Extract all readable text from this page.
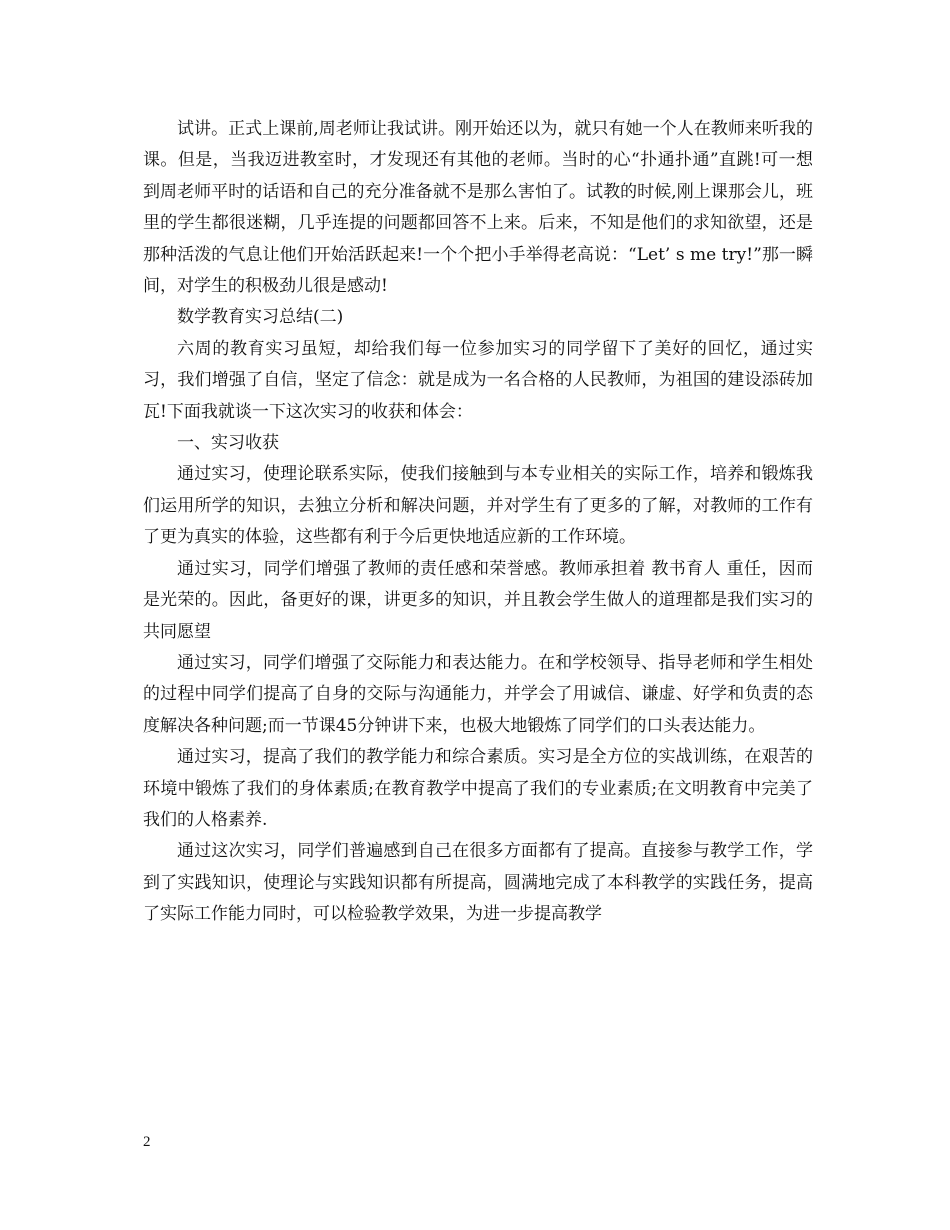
试讲。正式上课前,周老师让我试讲。刚开始还以为，就只有她一个人在教师来听我的课。但是，当我迈进教室时，才发现还有其他的老师。当时的心“扑通扑通”直跳!可一想到周老师平时的话语和自己的充分准备就不是那么害怕了。试教的时候,刚上课那会儿，班里的学生都很迷糊，几乎连提的问题都回答不上来。后来，不知是他们的求知欲望，还是那种活泼的气息让他们开始活跃起来!一个个把小手举得老高说：“Let’ s me try!”那一瞬间，对学生的积极劲儿很是感动!

数学教育实习总结(二)

六周的教育实习虽短，却给我们每一位参加实习的同学留下了美好的回忆，通过实习，我们增强了自信，坚定了信念：就是成为一名合格的人民教师，为祖国的建设添砖加瓦!下面我就谈一下这次实习的收获和体会：

一、实习收获

通过实习，使理论联系实际，使我们接触到与本专业相关的实际工作，培养和锻炼我们运用所学的知识，去独立分析和解决问题，并对学生有了更多的了解，对教师的工作有了更为真实的体验，这些都有利于今后更快地适应新的工作环境。

通过实习，同学们增强了教师的责任感和荣誉感。教师承担着 教书育人 重任，因而是光荣的。因此，备更好的课，讲更多的知识，并且教会学生做人的道理都是我们实习的共同愿望

通过实习，同学们增强了交际能力和表达能力。在和学校领导、指导老师和学生相处的过程中同学们提高了自身的交际与沟通能力，并学会了用诚信、谦虚、好学和负责的态度解决各种问题;而一节课45分钟讲下来，也极大地锻炼了同学们的口头表达能力。

通过实习，提高了我们的教学能力和综合素质。实习是全方位的实战训练，在艰苦的环境中锻炼了我们的身体素质;在教育教学中提高了我们的专业素质;在文明教育中完美了我们的人格素养.

通过这次实习，同学们普遍感到自己在很多方面都有了提高。直接参与教学工作，学到了实践知识，使理论与实践知识都有所提高，圆满地完成了本科教学的实践任务，提高了实际工作能力同时，可以检验教学效果，为进一步提高教学

2
